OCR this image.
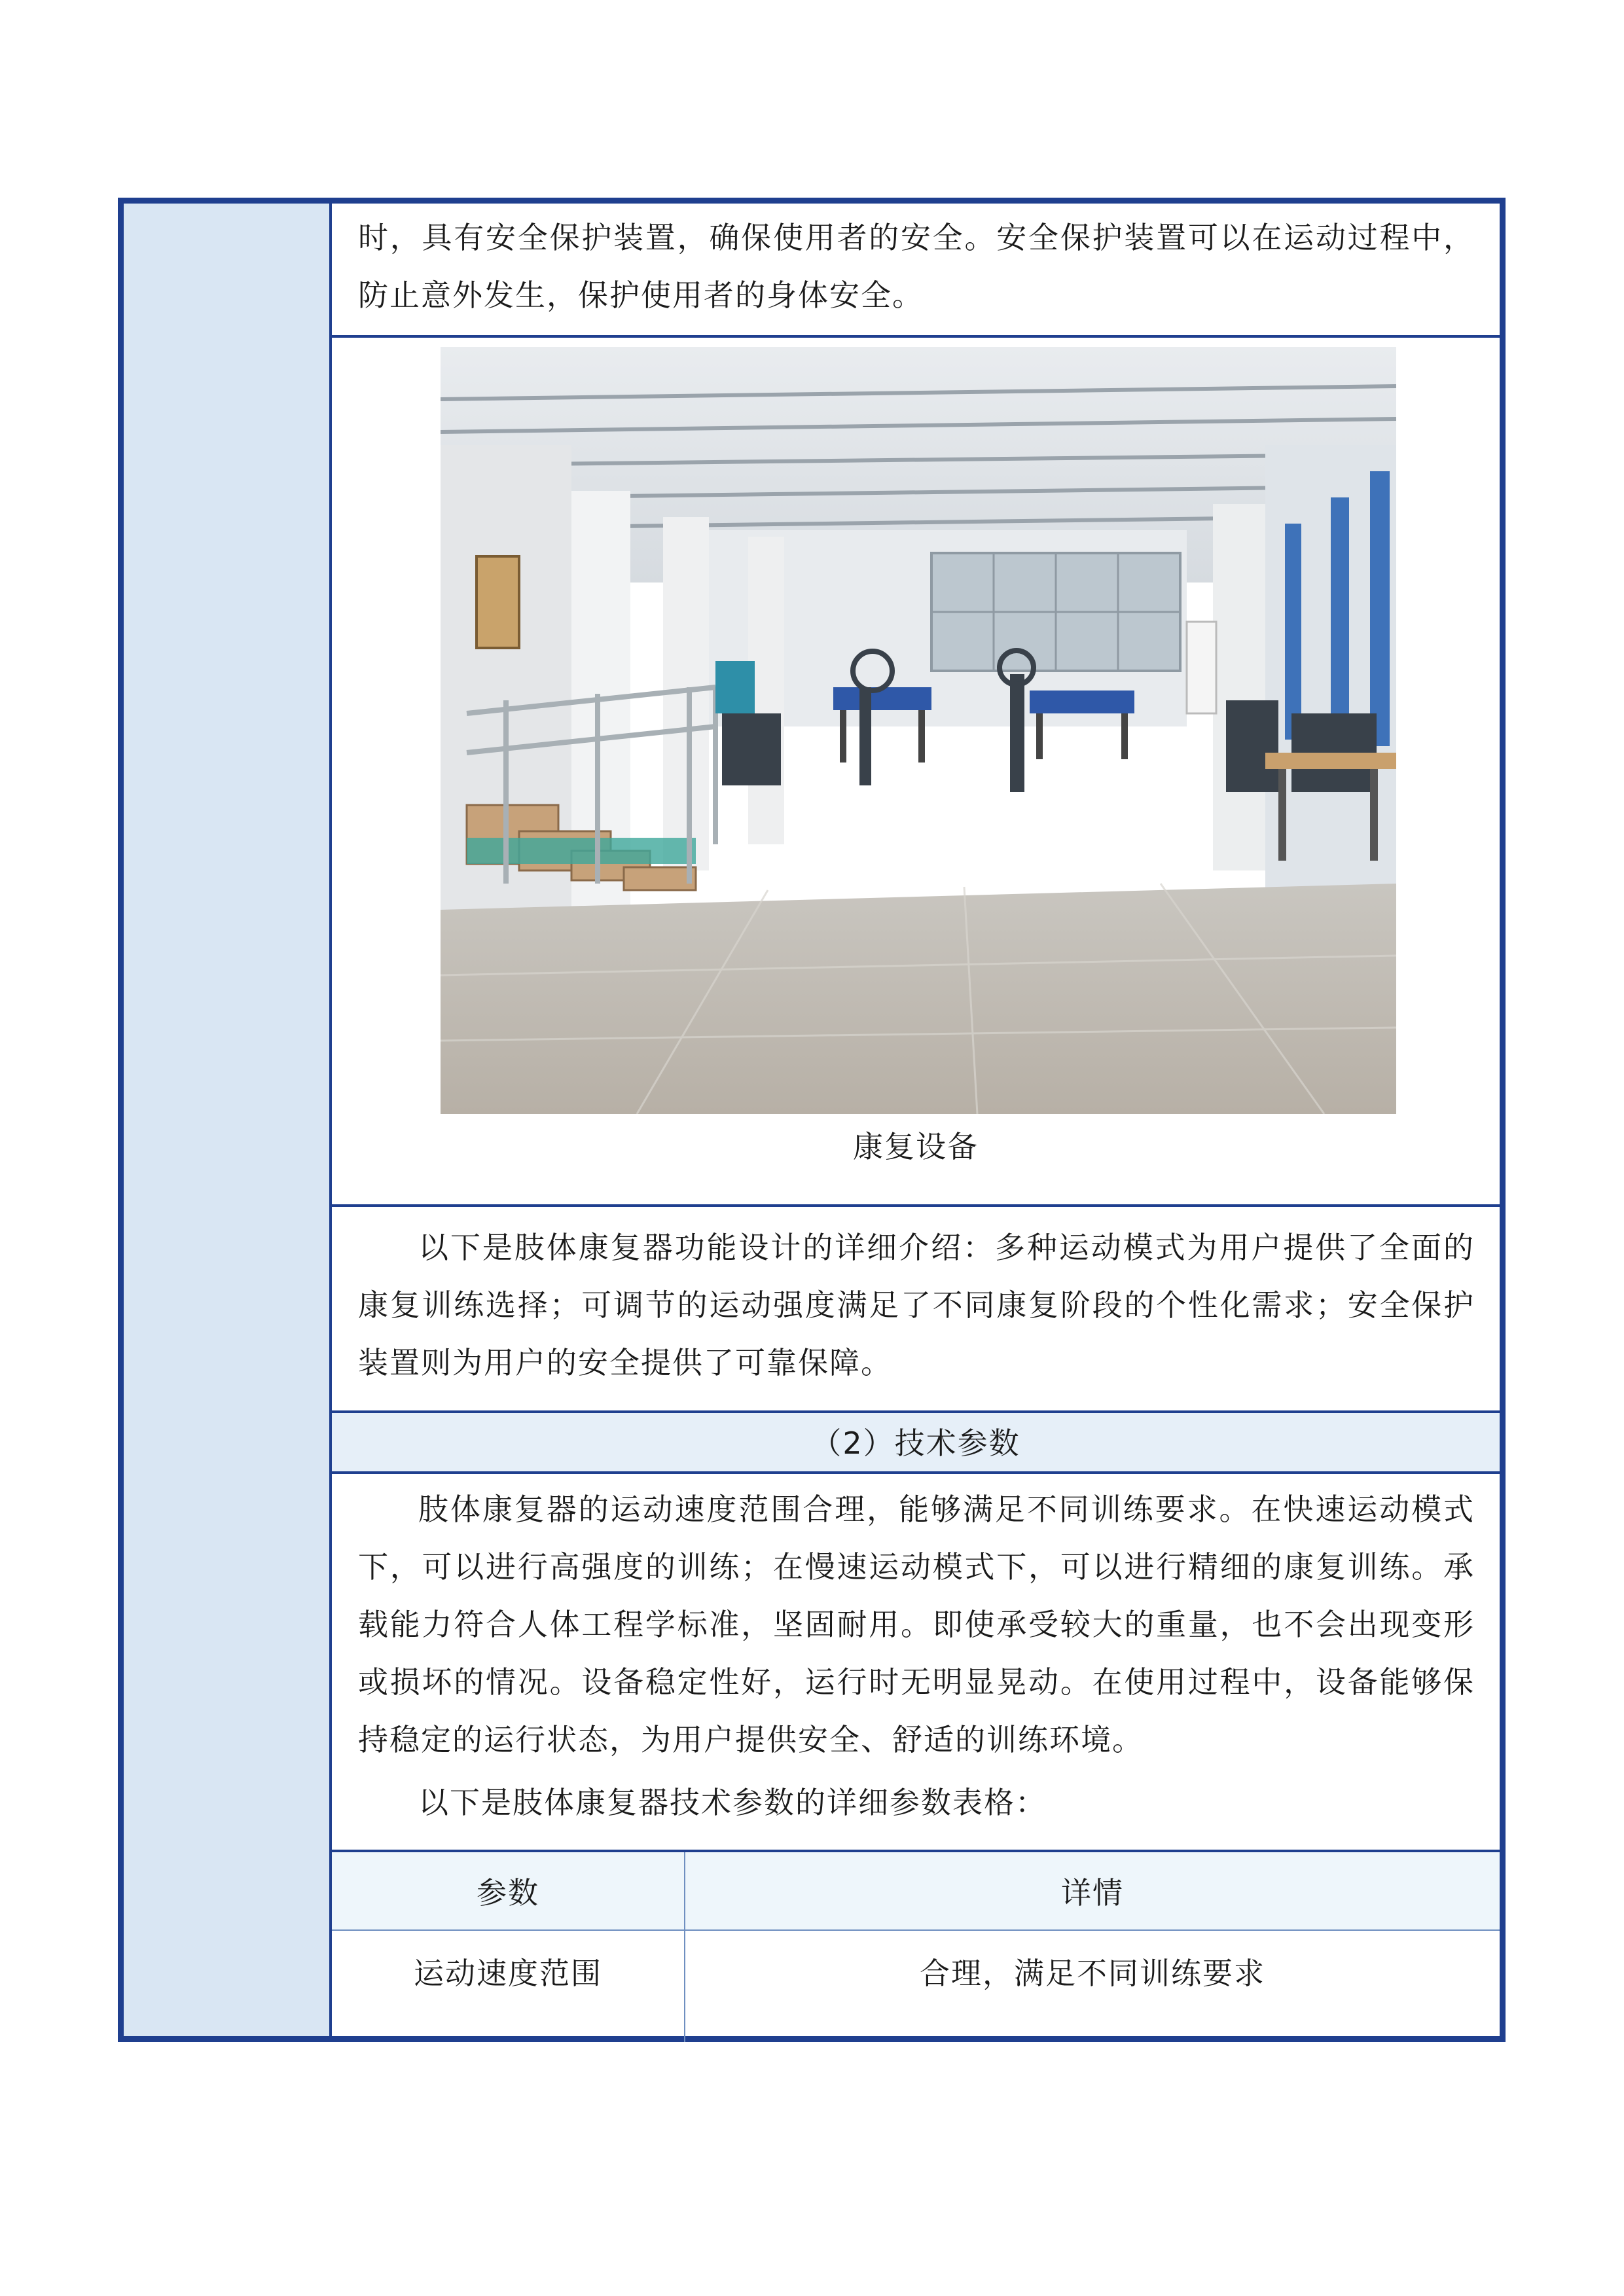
时，具有安全保护装置，确保使用者的安全。安全保护装置可以在运动过程中，防止意外发生，保护使用者的身体安全。

康复设备

以下是肢体康复器功能设计的详细介绍：多种运动模式为用户提供了全面的康复训练选择；可调节的运动强度满足了不同康复阶段的个性化需求；安全保护装置则为用户的安全提供了可靠保障。

（2）技术参数

肢体康复器的运动速度范围合理，能够满足不同训练要求。在快速运动模式下，可以进行高强度的训练；在慢速运动模式下，可以进行精细的康复训练。承载能力符合人体工程学标准，坚固耐用。即使承受较大的重量，也不会出现变形或损坏的情况。设备稳定性好，运行时无明显晃动。在使用过程中，设备能够保持稳定的运行状态，为用户提供安全、舒适的训练环境。

以下是肢体康复器技术参数的详细参数表格：

参数	详情
运动速度范围	合理，满足不同训练要求
